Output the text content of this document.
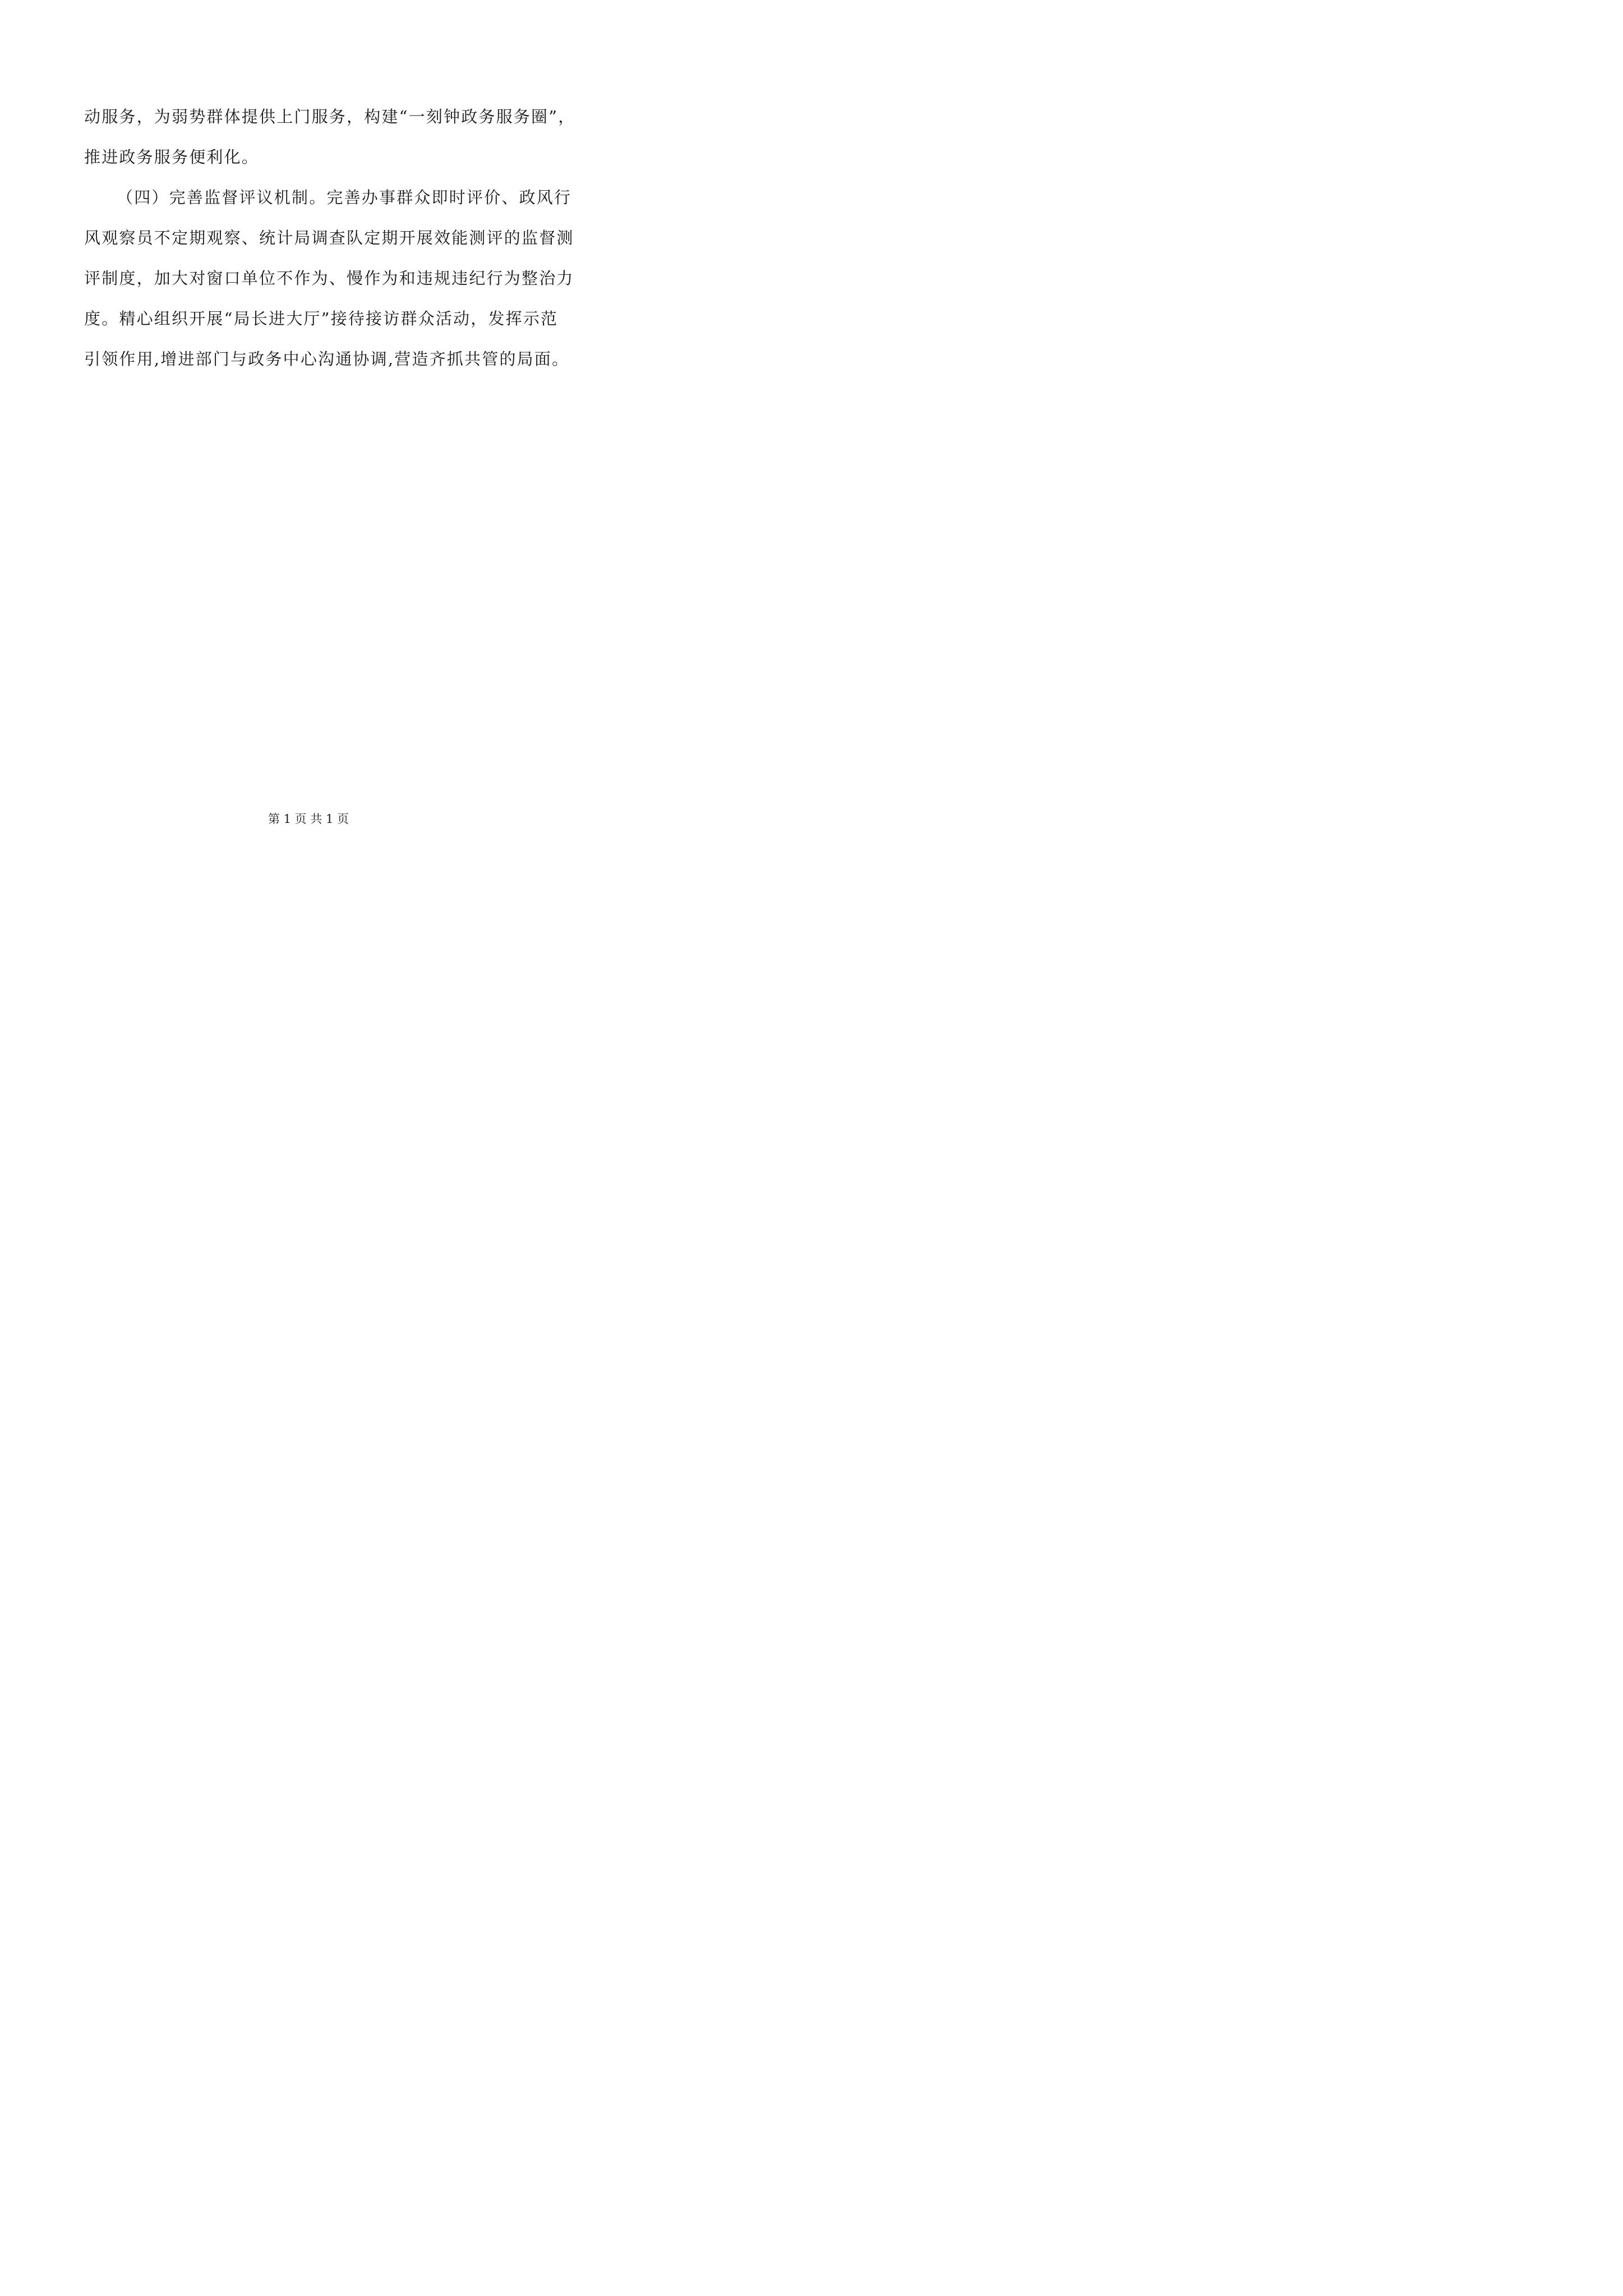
动服务，为弱势群体提供上门服务，构建“一刻钟政务服务圈”，
推进政务服务便利化。
（四）完善监督评议机制。完善办事群众即时评价、政风行
风观察员不定期观察、统计局调查队定期开展效能测评的监督测
评制度，加大对窗口单位不作为、慢作为和违规违纪行为整治力
度。精心组织开展“局长进大厅”接待接访群众活动，发挥示范
引领作用,增进部门与政务中心沟通协调,营造齐抓共管的局面。
第 1 页 共 1 页
